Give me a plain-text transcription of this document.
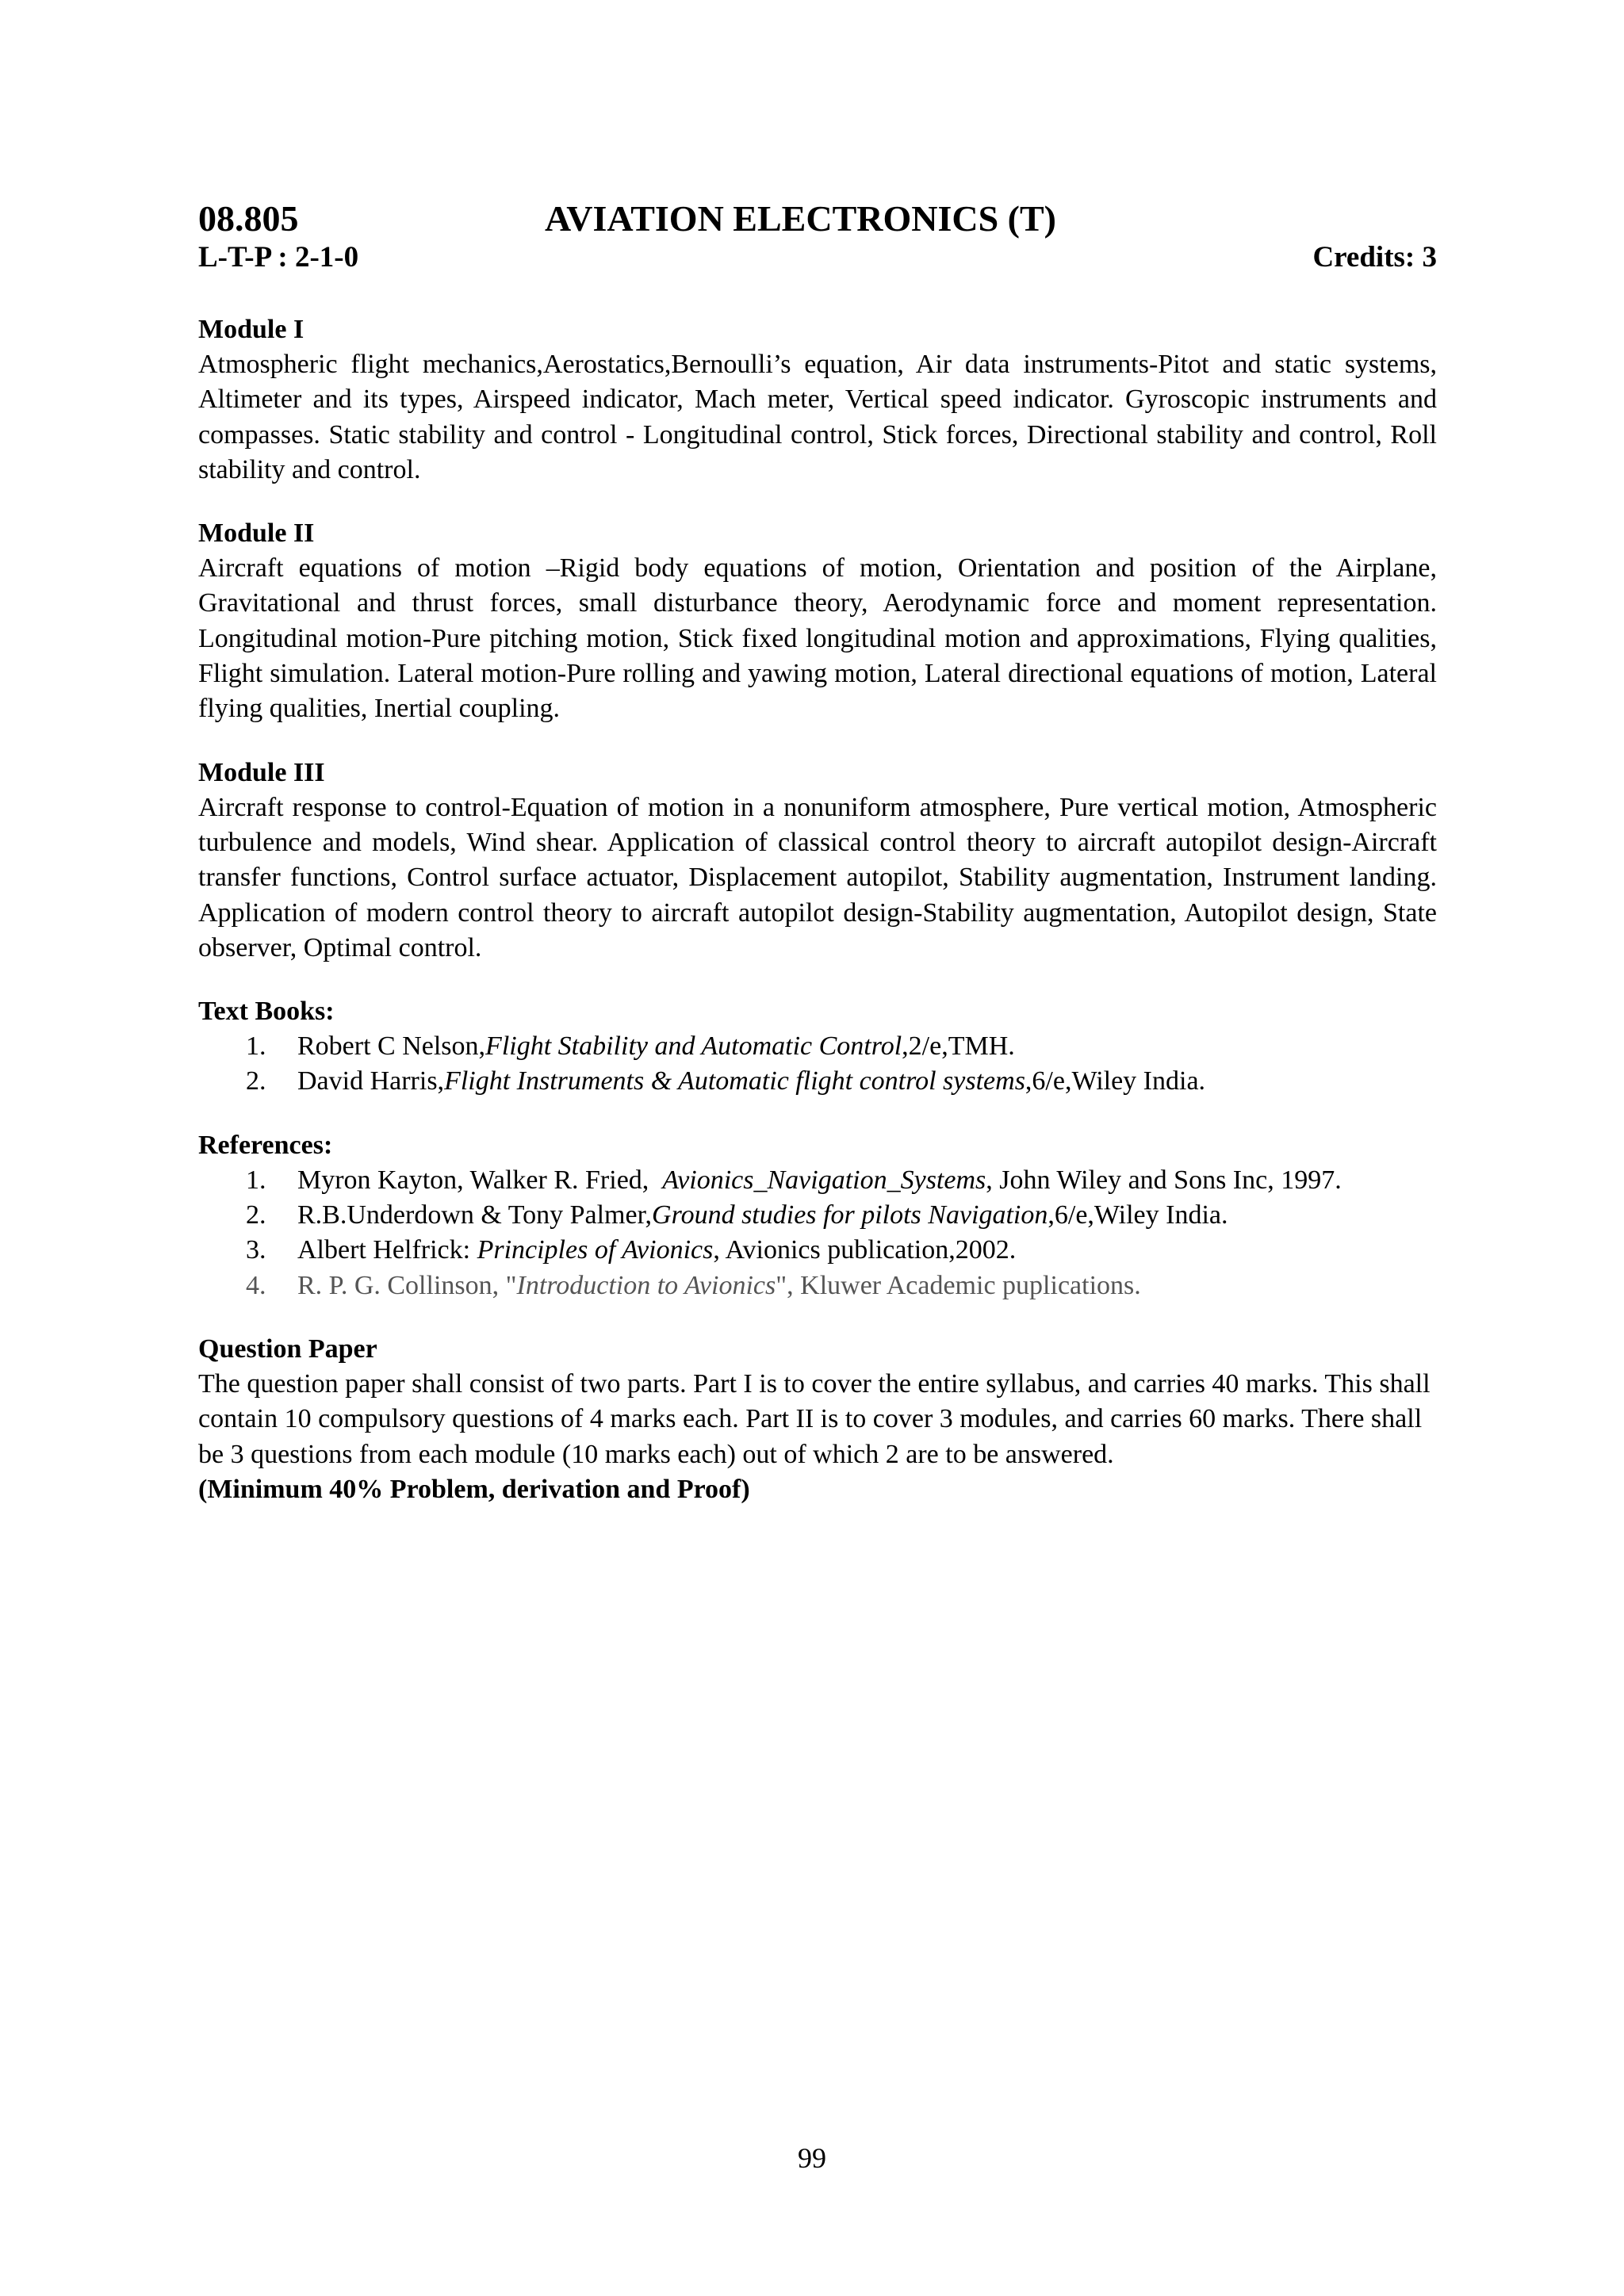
08.805	AVIATION ELECTRONICS (T)
L-T-P : 2-1-0	Credits: 3
Module I

Atmospheric flight mechanics,Aerostatics,Bernoulli’s equation, Air data instruments-Pitot and static systems, Altimeter and its types, Airspeed indicator, Mach meter, Vertical speed indicator. Gyroscopic instruments and compasses. Static stability and control - Longitudinal control, Stick forces, Directional stability and control, Roll stability and control.

Module II

Aircraft equations of motion –Rigid body equations of motion, Orientation and position of the Airplane, Gravitational and thrust forces, small disturbance theory, Aerodynamic force and moment representation. Longitudinal motion-Pure pitching motion, Stick fixed longitudinal motion and approximations, Flying qualities, Flight simulation. Lateral motion-Pure rolling and yawing motion, Lateral directional equations of motion, Lateral flying qualities, Inertial coupling.

Module III

Aircraft response to control-Equation of motion in a nonuniform atmosphere, Pure vertical motion, Atmospheric turbulence and models, Wind shear. Application of classical control theory to aircraft autopilot design-Aircraft transfer functions, Control surface actuator, Displacement autopilot, Stability augmentation, Instrument landing. Application of modern control theory to aircraft autopilot design-Stability augmentation, Autopilot design, State observer, Optimal control.

Text Books:
1. Robert C Nelson,Flight Stability and Automatic Control,2/e,TMH.
2. David Harris,Flight Instruments & Automatic flight control systems,6/e,Wiley India.
References:
1. Myron Kayton, Walker R. Fried,  Avionics_Navigation_Systems, John Wiley and Sons Inc, 1997.
2. R.B.Underdown & Tony Palmer,Ground studies for pilots Navigation,6/e,Wiley India.
3. Albert Helfrick: Principles of Avionics, Avionics publication,2002.
4. R. P. G. Collinson, "Introduction to Avionics", Kluwer Academic puplications.
Question Paper

The question paper shall consist of two parts. Part I is to cover the entire syllabus, and carries 40 marks. This shall contain 10 compulsory questions of 4 marks each. Part II is to cover 3 modules, and carries 60 marks. There shall be 3 questions from each module (10 marks each) out of which 2 are to be answered.

(Minimum 40% Problem, derivation and Proof)
99
